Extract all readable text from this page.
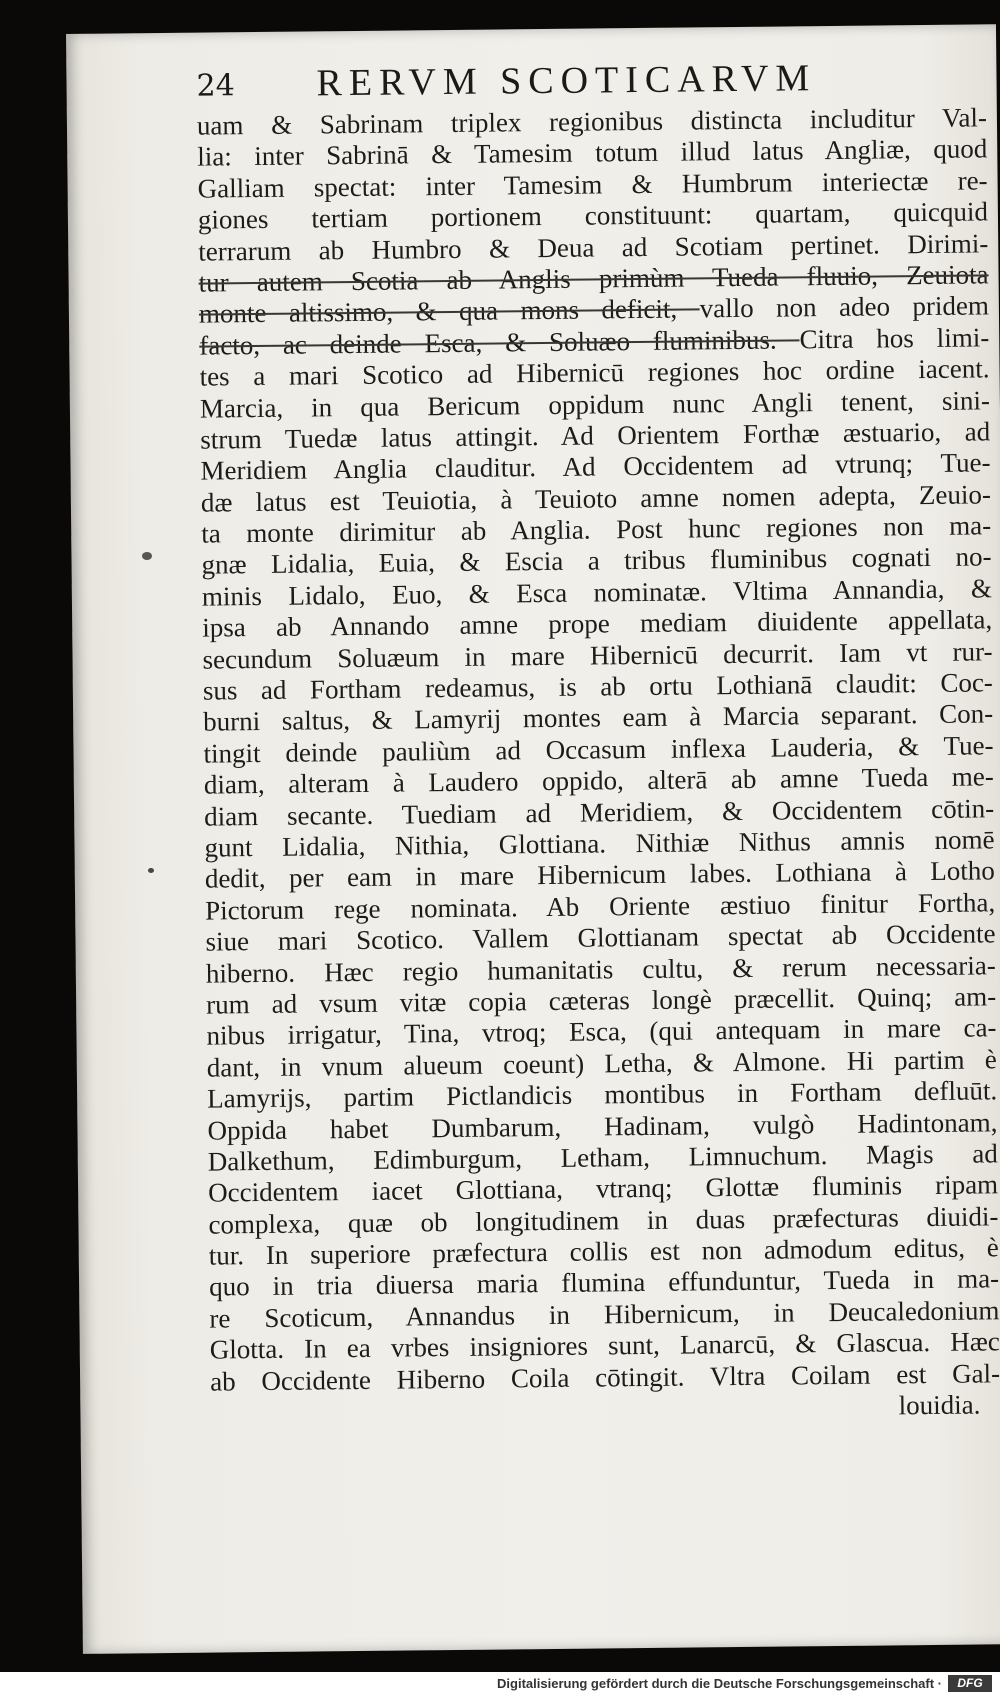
24 RERVM SCOTICARVM
uam & Sabrinam triplex regionibus distincta includitur Val-
lia: inter Sabrinā & Tamesim totum illud latus Angliæ, quod
Galliam spectat: inter Tamesim & Humbrum interiectæ re-
giones tertiam portionem constituunt: quartam, quicquid
terrarum ab Humbro & Deua ad Scotiam pertinet. Dirimi-
tur autem Scotia ab Anglis primùm Tueda fluuio, Zeuiota
monte altissimo, & qua mons deficit, vallo non adeo pridem
facto, ac deinde Esca, & Soluæo fluminibus. Citra hos limi-
tes a mari Scotico ad Hibernicū regiones hoc ordine iacent.
Marcia, in qua Bericum oppidum nunc Angli tenent, sini-
strum Tuedæ latus attingit. Ad Orientem Forthæ æstuario, ad
Meridiem Anglia clauditur. Ad Occidentem ad vtrunq; Tue-
dæ latus est Teuiotia, à Teuioto amne nomen adepta, Zeuio-
ta monte dirimitur ab Anglia. Post hunc regiones non ma-
gnæ Lidalia, Euia, & Escia a tribus fluminibus cognati no-
minis Lidalo, Euo, & Esca nominatæ. Vltima Annandia, &
ipsa ab Annando amne prope mediam diuidente appellata,
secundum Soluæum in mare Hibernicū decurrit. Iam vt rur-
sus ad Fortham redeamus, is ab ortu Lothianā claudit: Coc-
burni saltus, & Lamyrij montes eam à Marcia separant. Con-
tingit deinde pauliùm ad Occasum inflexa Lauderia, & Tue-
diam, alteram à Laudero oppido, alterā ab amne Tueda me-
diam secante. Tuediam ad Meridiem, & Occidentem cōtin-
gunt Lidalia, Nithia, Glottiana. Nithiæ Nithus amnis nomē
dedit, per eam in mare Hibernicum labes. Lothiana à Lotho
Pictorum rege nominata. Ab Oriente æstiuo finitur Fortha,
siue mari Scotico. Vallem Glottianam spectat ab Occidente
hiberno. Hæc regio humanitatis cultu, & rerum necessaria-
rum ad vsum vitæ copia cæteras longè præcellit. Quinq; am-
nibus irrigatur, Tina, vtroq; Esca, (qui antequam in mare ca-
dant, in vnum alueum coeunt) Letha, & Almone. Hi partim è
Lamyrijs, partim Pictlandicis montibus in Fortham defluūt.
Oppida habet Dumbarum, Hadinam, vulgò Hadintonam,
Dalkethum, Edimburgum, Letham, Limnuchum. Magis ad
Occidentem iacet Glottiana, vtranq; Glottæ fluminis ripam
complexa, quæ ob longitudinem in duas præfecturas diuidi-
tur. In superiore præfectura collis est non admodum editus, è
quo in tria diuersa maria flumina effunduntur, Tueda in ma-
re Scoticum, Annandus in Hibernicum, in Deucaledonium
Glotta. In ea vrbes insigniores sunt, Lanarcū, & Glascua. Hæc
ab Occidente Hiberno Coila cōtingit. Vltra Coilam est Gal-
louidia.
Digitalisierung gefördert durch die Deutsche Forschungsgemeinschaft ·	DFG
